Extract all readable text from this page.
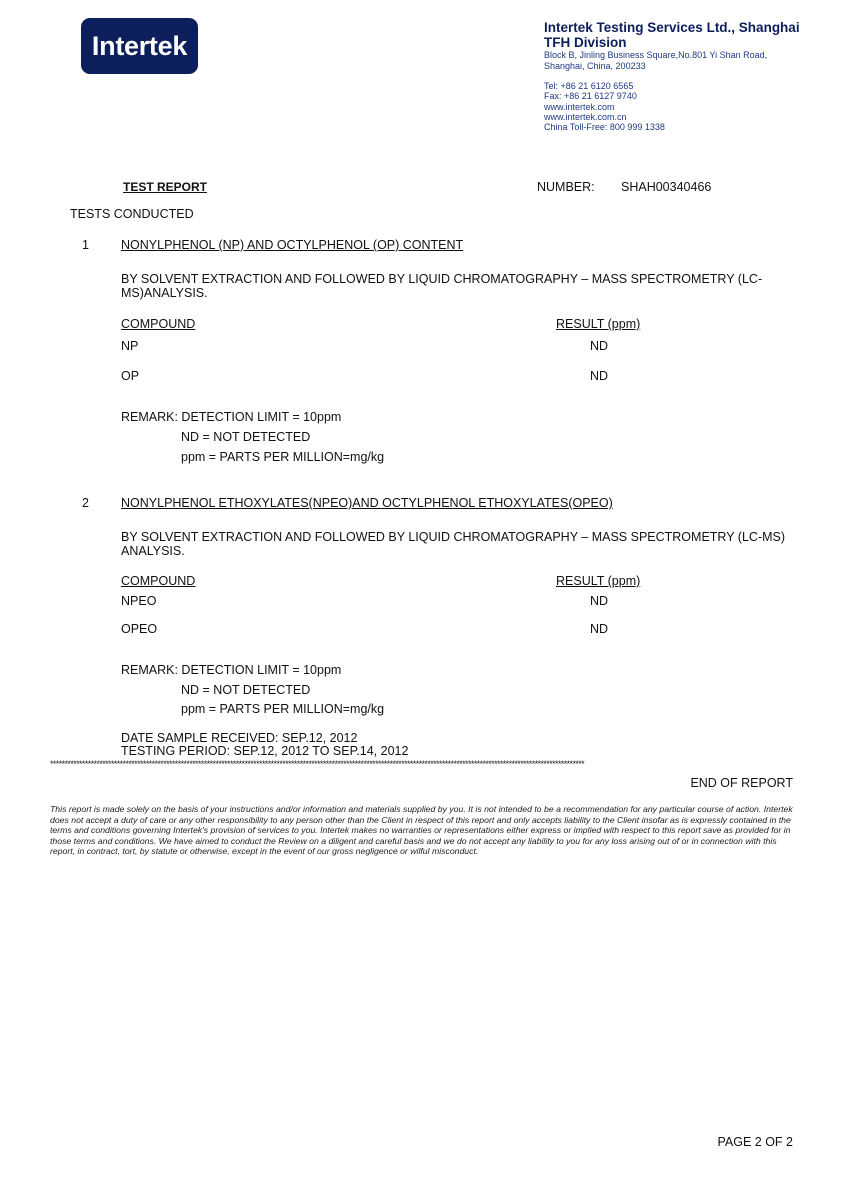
Intertek
Intertek Testing Services Ltd., Shanghai
TFH Division
Block B, Jinling Business Square,No.801 Yi Shan Road,
Shanghai, China, 200233
Tel: +86 21 6120 6565
Fax: +86 21 6127 9740
www.intertek.com
www.intertek.com.cn
China Toll-Free: 800 999 1338
TEST REPORT	NUMBER: SHAH00340466
TESTS CONDUCTED
1	NONYLPHENOL (NP) AND OCTYLPHENOL (OP) CONTENT
BY SOLVENT EXTRACTION AND FOLLOWED BY LIQUID CHROMATOGRAPHY – MASS SPECTROMETRY (LC-MS)ANALYSIS.
COMPOUND	RESULT (ppm)
NP	ND
OP	ND
REMARK: DETECTION LIMIT = 10ppm
ND = NOT DETECTED
ppm = PARTS PER MILLION=mg/kg
2	NONYLPHENOL ETHOXYLATES(NPEO)AND OCTYLPHENOL ETHOXYLATES(OPEO)
BY SOLVENT EXTRACTION AND FOLLOWED BY LIQUID CHROMATOGRAPHY – MASS SPECTROMETRY (LC-MS) ANALYSIS.
COMPOUND	RESULT (ppm)
NPEO	ND
OPEO	ND
REMARK: DETECTION LIMIT = 10ppm
ND = NOT DETECTED
ppm = PARTS PER MILLION=mg/kg
DATE SAMPLE RECEIVED: SEP.12, 2012
TESTING PERIOD: SEP.12, 2012 TO SEP.14, 2012
****************************************************************************************************************************************************************************************
END OF REPORT
This report is made solely on the basis of your instructions and/or information and materials supplied by you. It is not intended to be a recommendation for any particular course of action. Intertek does not accept a duty of care or any other responsibility to any person other than the Client in respect of this report and only accepts liability to the Client insofar as is expressly contained in the terms and conditions governing Intertek's provision of services to you. Intertek makes no warranties or representations either express or implied with respect to this report save as provided for in those terms and conditions. We have aimed to conduct the Review on a diligent and careful basis and we do not accept any liability to you for any loss arising out of or in connection with this report, in contract, tort, by statute or otherwise, except in the event of our gross negligence or wilful misconduct.
PAGE 2 OF 2
